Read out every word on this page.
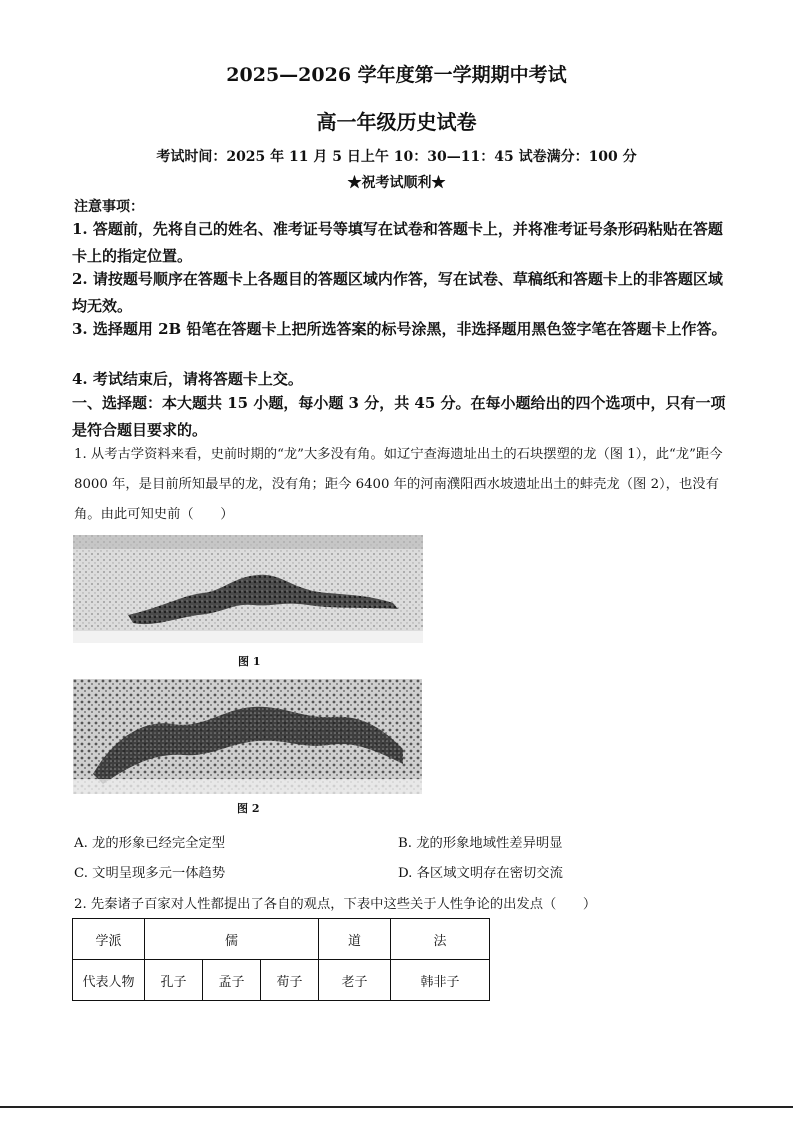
2025—2026 学年度第一学期期中考试
高一年级历史试卷
考试时间：2025 年 11 月 5 日上午 10：30—11：45 试卷满分：100 分
★祝考试顺利★
注意事项：
1. 答题前，先将自己的姓名、准考证号等填写在试卷和答题卡上，并将准考证号条形码粘贴在答题卡上的指定位置。
2. 请按题号顺序在答题卡上各题目的答题区域内作答，写在试卷、草稿纸和答题卡上的非答题区域均无效。
3. 选择题用 2B 铅笔在答题卡上把所选答案的标号涂黑，非选择题用黑色签字笔在答题卡上作答。
4. 考试结束后，请将答题卡上交。
一、选择题：本大题共 15 小题，每小题 3 分，共 45 分。在每小题给出的四个选项中，只有一项是符合题目要求的。
1. 从考古学资料来看，史前时期的“龙”大多没有角。如辽宁查海遗址出土的石块摆塑的龙（图 1），此“龙”距今 8000 年，是目前所知最早的龙，没有角；距今 6400 年的河南濮阳西水坡遗址出土的蚌壳龙（图 2），也没有角。由此可知史前（　　）
图 1
图 2
A. 龙的形象已经完全定型	B. 龙的形象地域性差异明显
C. 文明呈现多元一体趋势	D. 各区域文明存在密切交流
2. 先秦诸子百家对人性都提出了各自的观点，下表中这些关于人性争论的出发点（　　）
学派	儒			道	法
代表人物	孔子	孟子	荀子	老子	韩非子
